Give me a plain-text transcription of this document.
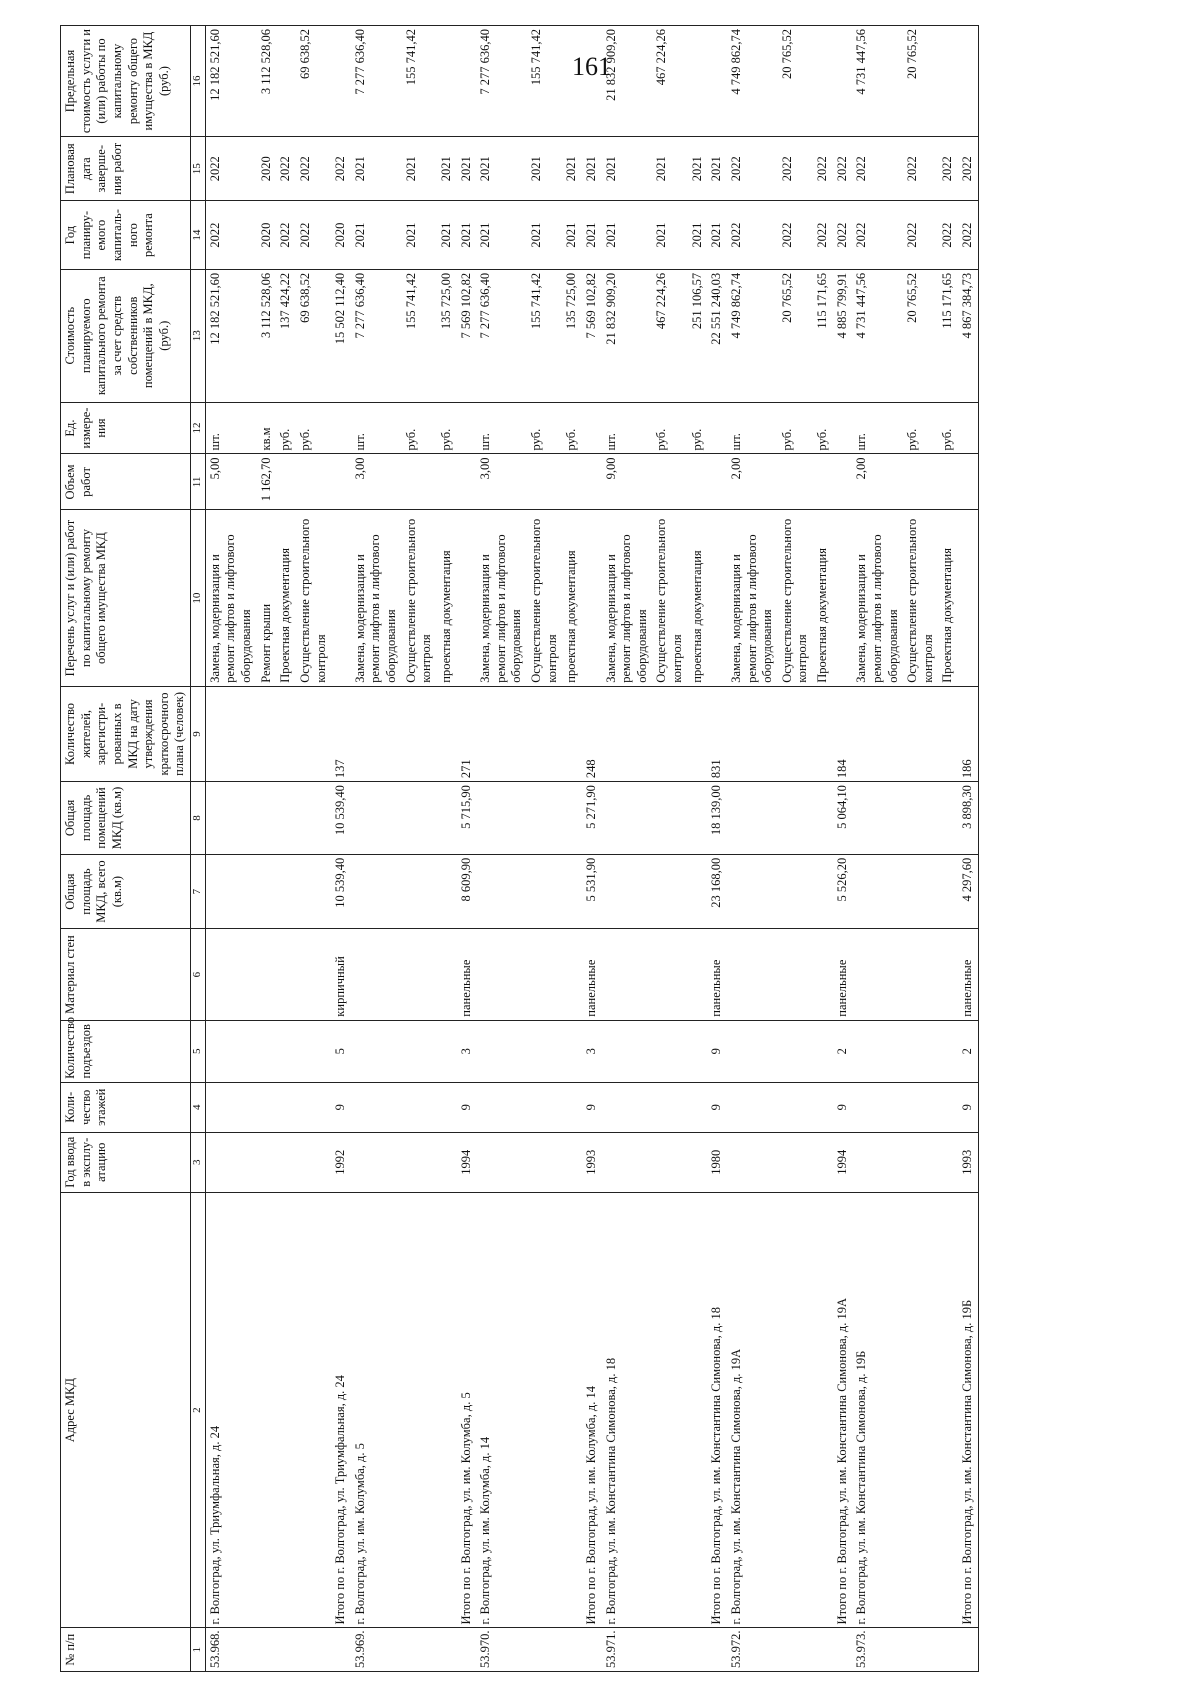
161
№ п/п	Адрес МКД	Год ввода в эксплу-атацию	Коли-чество этажей	Количество подъездов	Материал стен	Общая площадь МКД, всего (кв.м)	Общая площадь помещений МКД (кв.м)	Количество жителей, зарегистри-рованных в МКД на дату утверждения краткосрочного плана (человек)	Перечень услуг и (или) работ по капитальному ремонту общего имущества МКД	Объем работ	Ед. измере-ния	Стоимость планируемого капитального ремонта за счет средств собственников помещений в МКД, (руб.)	Год планиру-емого капиталь-ного ремонта	Плановая дата заверше-ния работ	Предельная стоимость услуги и (или) работы по капитальному ремонту общего имущества в МКД (руб.)
1	2	3	4	5	6	7	8	9	10	11	12	13	14	15	16
53.968.	г. Волгоград, ул. Триумфальная, д. 24								Замена, модернизация и ремонт лифтов и лифтового оборудования	5,00	шт.	12 182 521,60	2022	2022	12 182 521,60
									Ремонт крыши	1 162,70	кв.м	3 112 528,06	2020	2020	3 112 528,06
									Проектная документация		руб.	137 424,22	2022	2022	
									Осуществление строительного контроля		руб.	69 638,52	2022	2022	69 638,52
	Итого по г. Волгоград, ул. Триумфальная, д. 24	1992	9	5	кирпичный	10 539,40	10 539,40	137				15 502 112,40	2020	2022	
53.969.	г. Волгоград, ул. им. Колумба, д. 5								Замена, модернизация и ремонт лифтов и лифтового оборудования	3,00	шт.	7 277 636,40	2021	2021	7 277 636,40
									Осуществление строительного контроля		руб.	155 741,42	2021	2021	155 741,42
									проектная документация		руб.	135 725,00	2021	2021	
	Итого по г. Волгоград, ул. им. Колумба, д. 5	1994	9	3	панельные	8 609,90	5 715,90	271				7 569 102,82	2021	2021	
53.970.	г. Волгоград, ул. им. Колумба, д. 14								Замена, модернизация и ремонт лифтов и лифтового оборудования	3,00	шт.	7 277 636,40	2021	2021	7 277 636,40
									Осуществление строительного контроля		руб.	155 741,42	2021	2021	155 741,42
									проектная документация		руб.	135 725,00	2021	2021	
	Итого по г. Волгоград, ул. им. Колумба, д. 14	1993	9	3	панельные	5 531,90	5 271,90	248				7 569 102,82	2021	2021	
53.971.	г. Волгоград, ул. им. Константина Симонова, д. 18								Замена, модернизация и ремонт лифтов и лифтового оборудования	9,00	шт.	21 832 909,20	2021	2021	21 832 909,20
									Осуществление строительного контроля		руб.	467 224,26	2021	2021	467 224,26
									проектная документация		руб.	251 106,57	2021	2021	
	Итого по г. Волгоград, ул. им. Константина Симонова, д. 18	1980	9	9	панельные	23 168,00	18 139,00	831				22 551 240,03	2021	2021	
53.972.	г. Волгоград, ул. им. Константина Симонова, д. 19А								Замена, модернизация и ремонт лифтов и лифтового оборудования	2,00	шт.	4 749 862,74	2022	2022	4 749 862,74
									Осуществление строительного контроля		руб.	20 765,52	2022	2022	20 765,52
									Проектная документация		руб.	115 171,65	2022	2022	
	Итого по г. Волгоград, ул. им. Константина Симонова, д. 19А	1994	9	2	панельные	5 526,20	5 064,10	184				4 885 799,91	2022	2022	
53.973.	г. Волгоград, ул. им. Константина Симонова, д. 19Б								Замена, модернизация и ремонт лифтов и лифтового оборудования	2,00	шт.	4 731 447,56	2022	2022	4 731 447,56
									Осуществление строительного контроля		руб.	20 765,52	2022	2022	20 765,52
									Проектная документация		руб.	115 171,65	2022	2022	
	Итого по г. Волгоград, ул. им. Константина Симонова, д. 19Б	1993	9	2	панельные	4 297,60	3 898,30	186				4 867 384,73	2022	2022	
